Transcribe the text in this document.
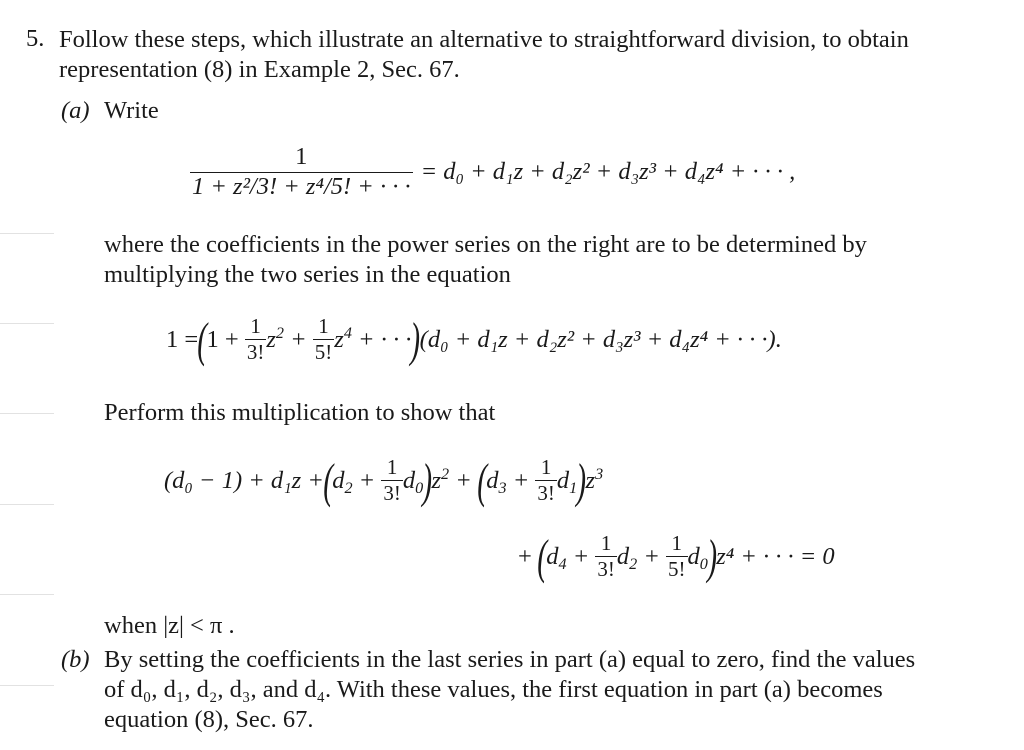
5. Follow these steps, which illustrate an alternative to straightforward division, to obtain
representation (8) in Example 2, Sec. 67.
(a) Write
$\frac{1}{\text{1 + z²/3! + z⁴/5! + · · ·}} = d_0 + d_1z + d_2z^2 + d_3z^3 + d_4z^4$ + · · · ,
where the coefficients in the power series on the right are to be determined by
multiplying the two series in the equation
1 = ( $1 + \frac{1}{3!} z^2 + \frac{1}{5!} z^4$ + · · · ) (d₀ + d₁z + d₂z² + d₃z³ + d₄z⁴ + · · ·).
Perform this multiplication to show that
(d₀ − 1) + d₁z + ( $d_2 + \frac{1}{3!} d_0$ ) $z^2$ + ( $d_3 + \frac{1}{3!} d_1$ ) $z^3$
+ ( $d_4 + \frac{1}{3!} d_2 + \frac{1}{5!} d_0$ ) z⁴ + · · · = 0
when |z| < π .
(b) By setting the coefficients in the last series in part (a) equal to zero, find the values
of d₀, d₁, d₂, d₃, and d₄. With these values, the first equation in part (a) becomes
equation (8), Sec. 67.
